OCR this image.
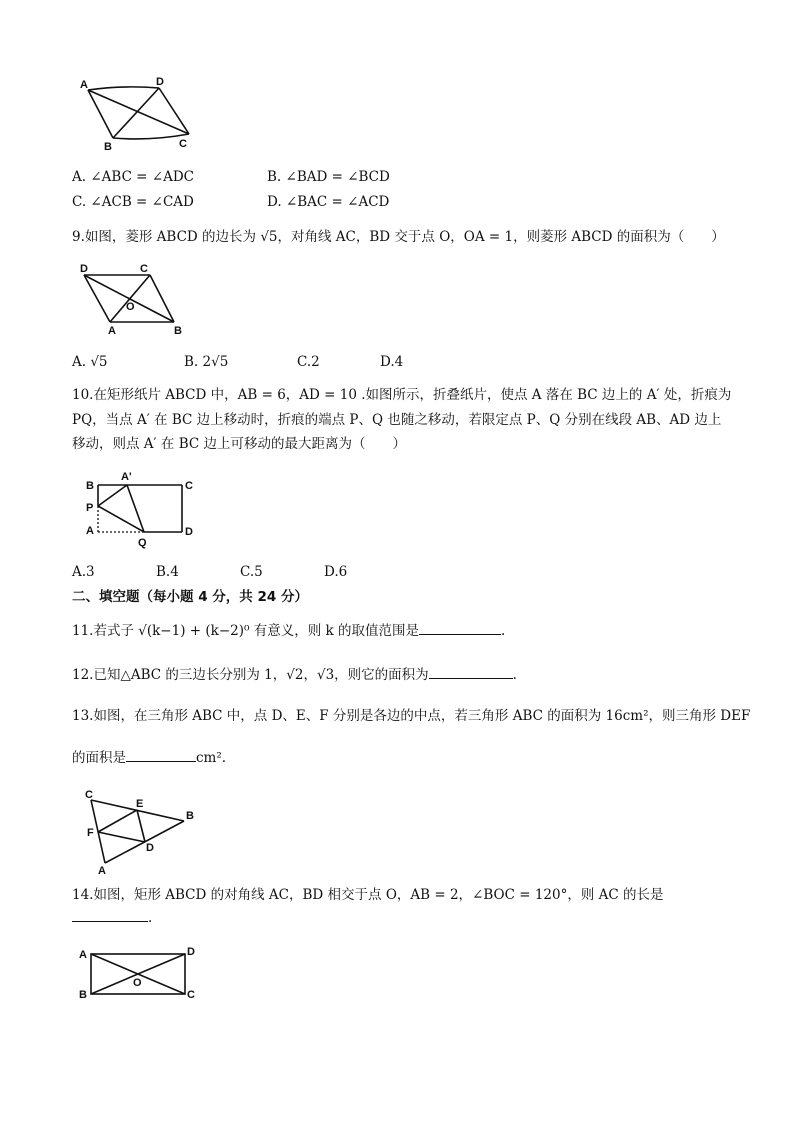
A	D
B	C
A. ∠ABC = ∠ADC	B. ∠BAD = ∠BCD
C. ∠ACB = ∠CAD	D. ∠BAC = ∠ACD
9.如图，菱形 ABCD 的边长为 √5，对角线 AC，BD 交于点 O，OA = 1，则菱形 ABCD 的面积为（　　）
D	C
O
A	B
A. √5	B. 2√5	C.2	D.4
10.在矩形纸片 ABCD 中，AB = 6，AD = 10 .如图所示，折叠纸片，使点 A 落在 BC 边上的 A′ 处，折痕为
PQ，当点 A′ 在 BC 边上移动时，折痕的端点 P、Q 也随之移动，若限定点 P、Q 分别在线段 AB、AD 边上
移动，则点 A′ 在 BC 边上可移动的最大距离为（　　）
B
A'
C
P
A
Q
D
A.3	B.4	C.5	D.6
二、填空题（每小题 4 分，共 24 分）
11.若式子 √(k−1) + (k−2)⁰ 有意义，则 k 的取值范围是	.
12.已知△ABC 的三边长分别为 1，√2，√3，则它的面积为	.
13.如图，在三角形 ABC 中，点 D、E、F 分别是各边的中点，若三角形 ABC 的面积为 16cm²，则三角形 DEF
的面积是	cm².
C
E
B
F
D
A
14.如图，矩形 ABCD 的对角线 AC，BD 相交于点 O，AB = 2，∠BOC = 120°，则 AC 的长是
.
A	D
O
B	C
